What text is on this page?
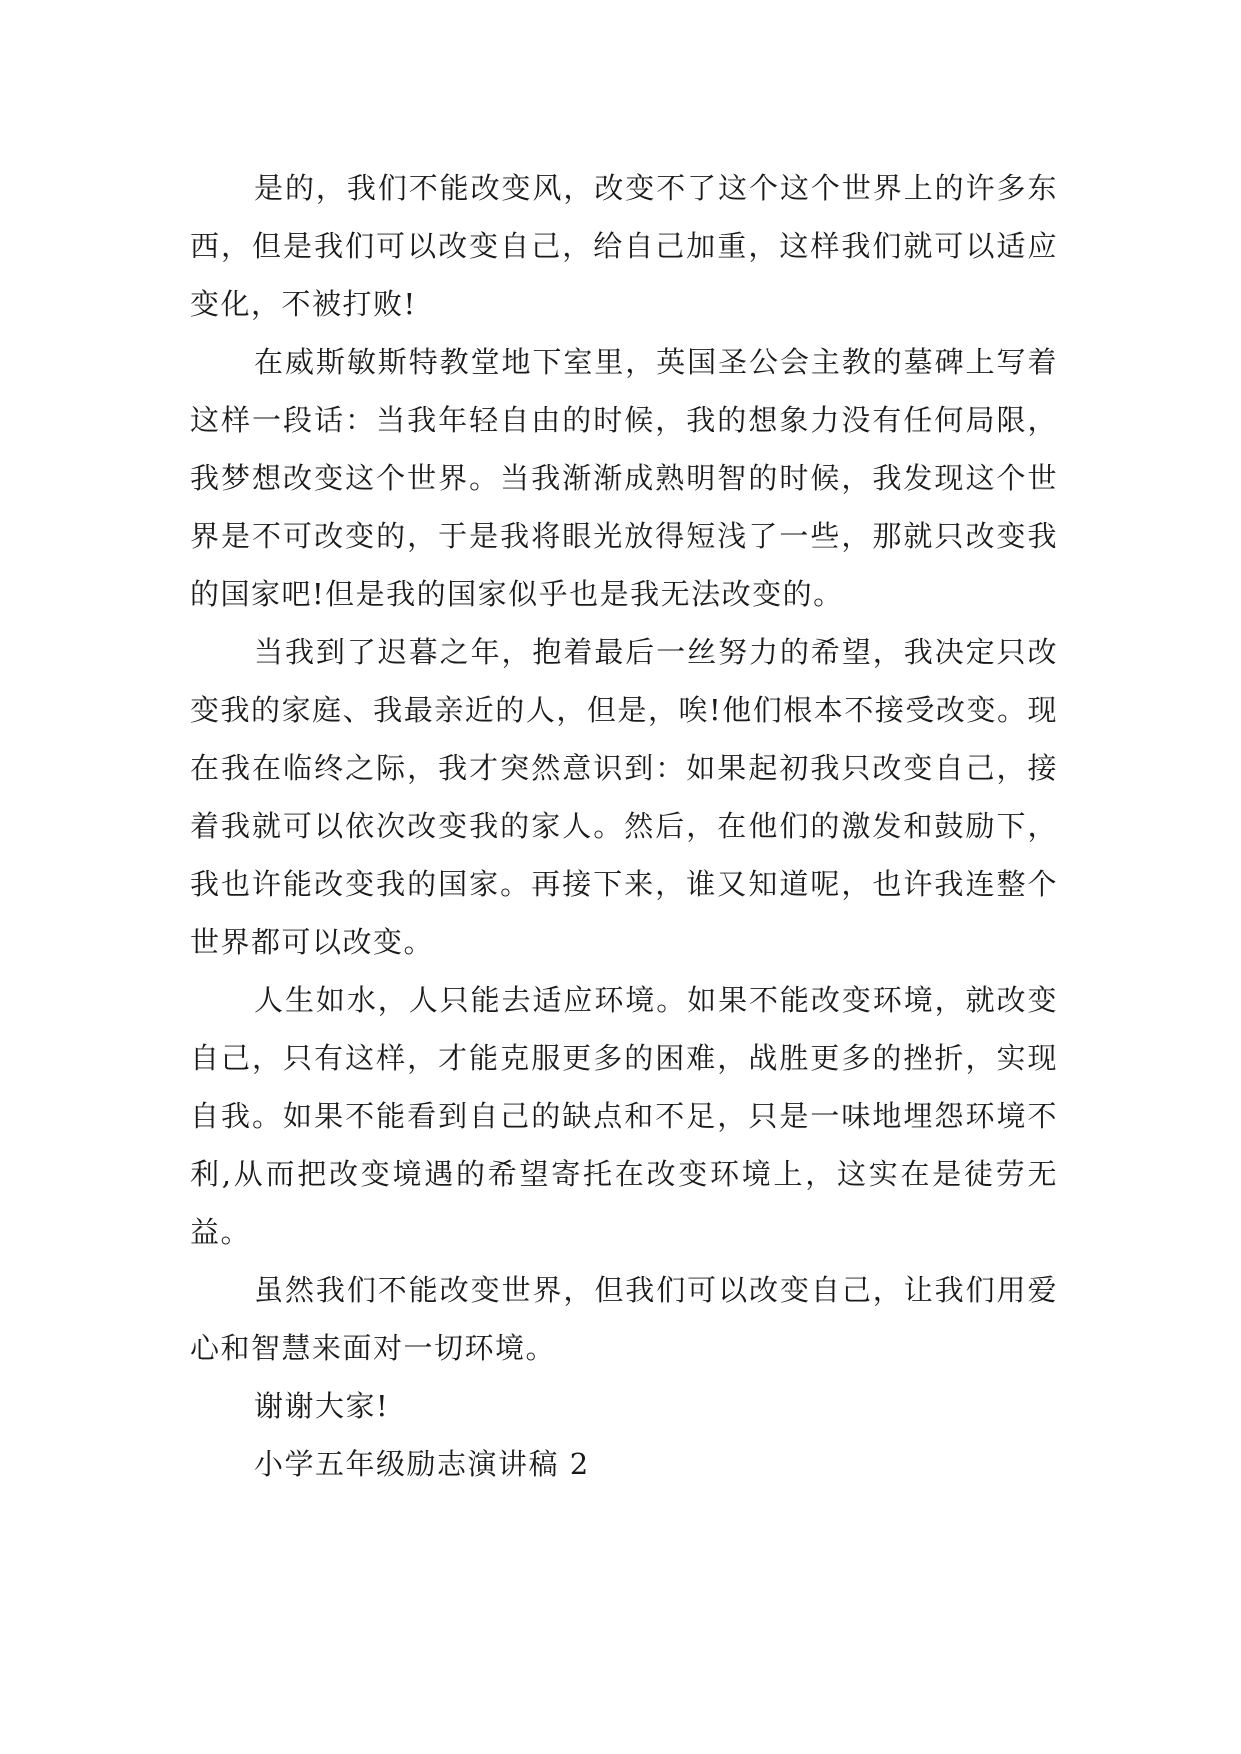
是的，我们不能改变风，改变不了这个这个世界上的许多东西，但是我们可以改变自己，给自己加重，这样我们就可以适应变化，不被打败!

在威斯敏斯特教堂地下室里，英国圣公会主教的墓碑上写着这样一段话：当我年轻自由的时候，我的想象力没有任何局限，我梦想改变这个世界。当我渐渐成熟明智的时候，我发现这个世界是不可改变的，于是我将眼光放得短浅了一些，那就只改变我的国家吧!但是我的国家似乎也是我无法改变的。

当我到了迟暮之年，抱着最后一丝努力的希望，我决定只改变我的家庭、我最亲近的人，但是，唉!他们根本不接受改变。现在我在临终之际，我才突然意识到：如果起初我只改变自己，接着我就可以依次改变我的家人。然后，在他们的激发和鼓励下，我也许能改变我的国家。再接下来，谁又知道呢，也许我连整个世界都可以改变。

人生如水，人只能去适应环境。如果不能改变环境，就改变自己，只有这样，才能克服更多的困难，战胜更多的挫折，实现自我。如果不能看到自己的缺点和不足，只是一味地埋怨环境不利,从而把改变境遇的希望寄托在改变环境上，这实在是徒劳无益。

虽然我们不能改变世界，但我们可以改变自己，让我们用爱心和智慧来面对一切环境。

谢谢大家!

小学五年级励志演讲稿 2
